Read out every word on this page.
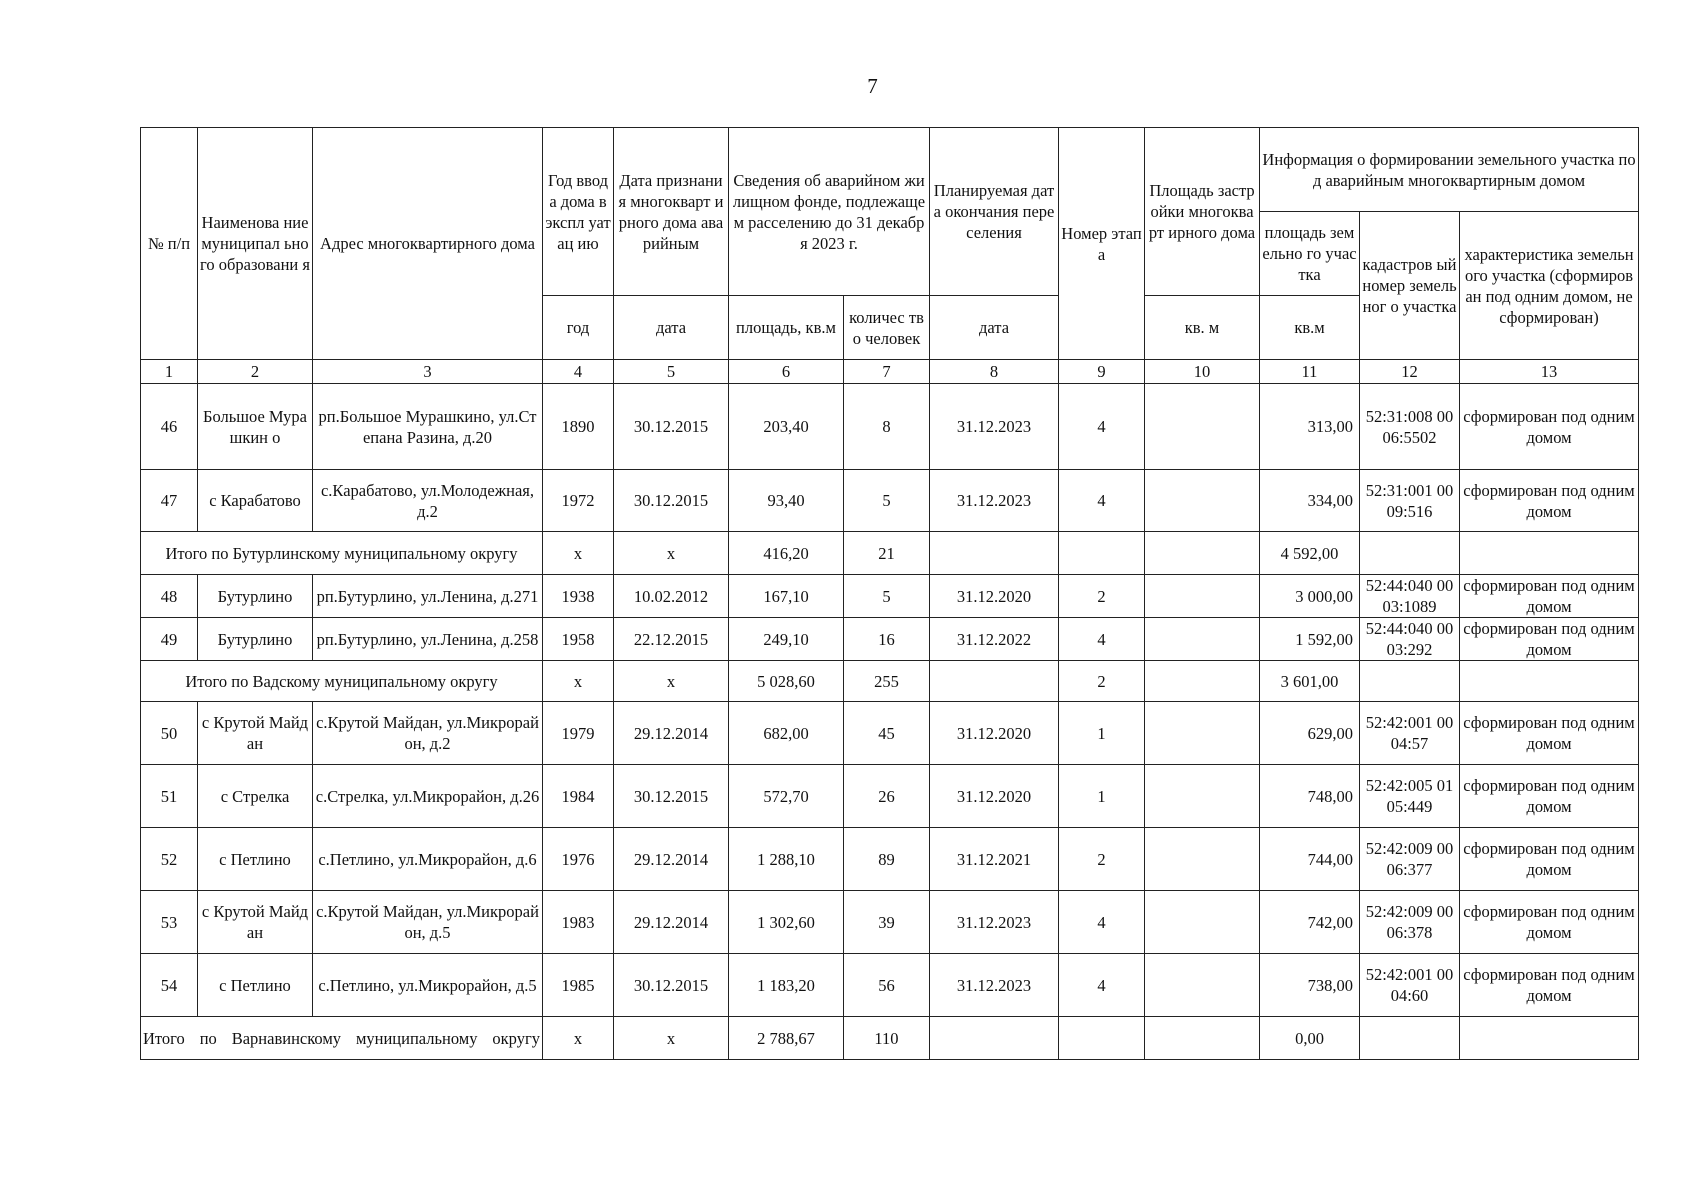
7
№ п/п	Наименова ние муниципал ьного образовани я	Адрес многоквартирного дома	Год ввода дома в экспл уатац ию	Дата признания многокварт ирного дома аварийным	Сведения об аварийном жилищном фонде, подлежащем расселению до 31 декабря 2023 г.		Планируемая дата окончания переселения	Номер этапа	Площадь застройки многокварт ирного дома	Информация о формировании земельного участка под аварийным многоквартирным домом		
										площадь земельно го участка	кадастров ый номер земельног о участка	характеристика земельного участка (сформирован под одним домом, не сформирован)
			год	дата	площадь, кв.м	количес тво человек	дата		кв. м	кв.м		
1	2	3	4	5	6	7	8	9	10	11	12	13
46	Большое Мурашкин о	рп.Большое Мурашкино, ул.Степана Разина, д.20	1890	30.12.2015	203,40	8	31.12.2023	4		313,00	52:31:008 0006:5502	сформирован под одним домом
47	с Карабатово	с.Карабатово, ул.Молодежная, д.2	1972	30.12.2015	93,40	5	31.12.2023	4		334,00	52:31:001 0009:516	сформирован под одним домом
Итого по Бутурлинскому муниципальному округу			x	x	416,20	21				4 592,00		
48	Бутурлино	рп.Бутурлино, ул.Ленина, д.271	1938	10.02.2012	167,10	5	31.12.2020	2		3 000,00	52:44:040 0003:1089	сформирован под одним домом
49	Бутурлино	рп.Бутурлино, ул.Ленина, д.258	1958	22.12.2015	249,10	16	31.12.2022	4		1 592,00	52:44:040 0003:292	сформирован под одним домом
Итого по Вадскому муниципальному округу			x	x	5 028,60	255		2		3 601,00		
50	с Крутой Майдан	с.Крутой Майдан, ул.Микрорайон, д.2	1979	29.12.2014	682,00	45	31.12.2020	1		629,00	52:42:001 0004:57	сформирован под одним домом
51	с Стрелка	с.Стрелка, ул.Микрорайон, д.26	1984	30.12.2015	572,70	26	31.12.2020	1		748,00	52:42:005 0105:449	сформирован под одним домом
52	с Петлино	с.Петлино, ул.Микрорайон, д.6	1976	29.12.2014	1 288,10	89	31.12.2021	2		744,00	52:42:009 0006:377	сформирован под одним домом
53	с Крутой Майдан	с.Крутой Майдан, ул.Микрорайон, д.5	1983	29.12.2014	1 302,60	39	31.12.2023	4		742,00	52:42:009 0006:378	сформирован под одним домом
54	с Петлино	с.Петлино, ул.Микрорайон, д.5	1985	30.12.2015	1 183,20	56	31.12.2023	4		738,00	52:42:001 0004:60	сформирован под одним домом
Итого по Варнавинскому муниципальному округу			x	x	2 788,67	110				0,00		
